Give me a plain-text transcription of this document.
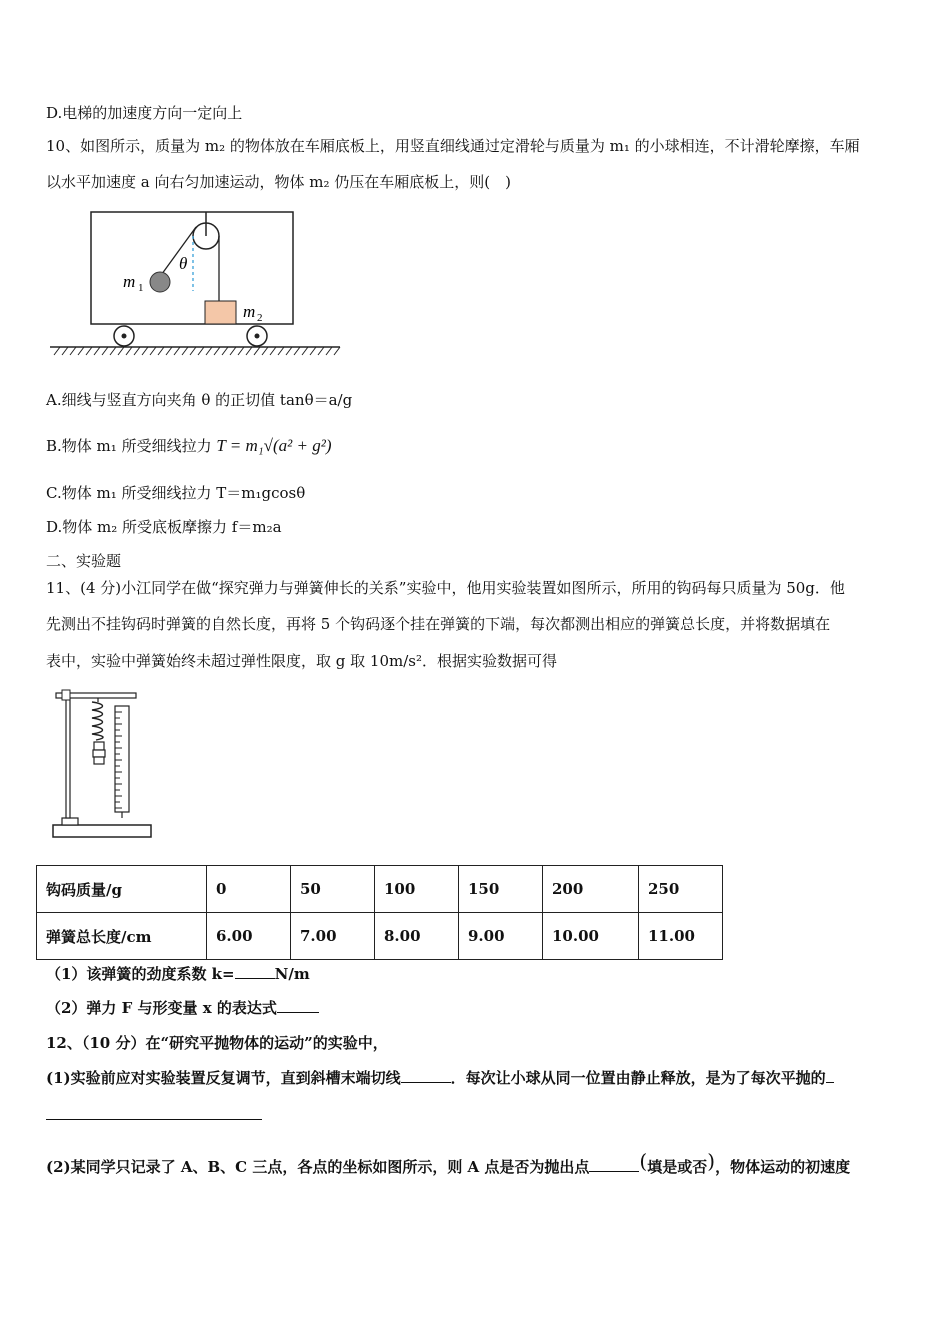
D.电梯的加速度方向一定向上
10、如图所示，质量为 m₂ 的物体放在车厢底板上，用竖直细线通过定滑轮与质量为 m₁ 的小球相连，不计滑轮摩擦，车厢
以水平加速度 a 向右匀加速运动，物体 m₂ 仍压在车厢底板上，则(　)
θ
m 1
m 2
A.细线与竖直方向夹角 θ 的正切值 tanθ＝a/g
B.物体 m₁ 所受细线拉力 T = m₁√(a² + g²)
C.物体 m₁ 所受细线拉力 T＝m₁gcosθ
D.物体 m₂ 所受底板摩擦力 f＝m₂a
二、实验题
11、(4 分)小江同学在做“探究弹力与弹簧伸长的关系”实验中，他用实验装置如图所示，所用的钩码每只质量为 50g．他
先测出不挂钩码时弹簧的自然长度，再将 5 个钩码逐个挂在弹簧的下端，每次都测出相应的弹簧总长度，并将数据填在
表中，实验中弹簧始终未超过弹性限度，取 g 取 10m/s²．根据实验数据可得
钩码质量/g	0	50	100	150	200	250
弹簧总长度/cm	6.00	7.00	8.00	9.00	10.00	11.00
（1）该弹簧的劲度系数 k=	N/m
（2）弹力 F 与形变量 x 的表达式
12、（10 分）在“研究平抛物体的运动”的实验中，
(1)实验前应对实验装置反复调节，直到斜槽末端切线	．每次让小球从同一位置由静止释放，是为了每次平抛的
(2)某同学只记录了 A、B、C 三点，各点的坐标如图所示，则 A 点是否为抛出点	(填是或否)，物体运动的初速度
